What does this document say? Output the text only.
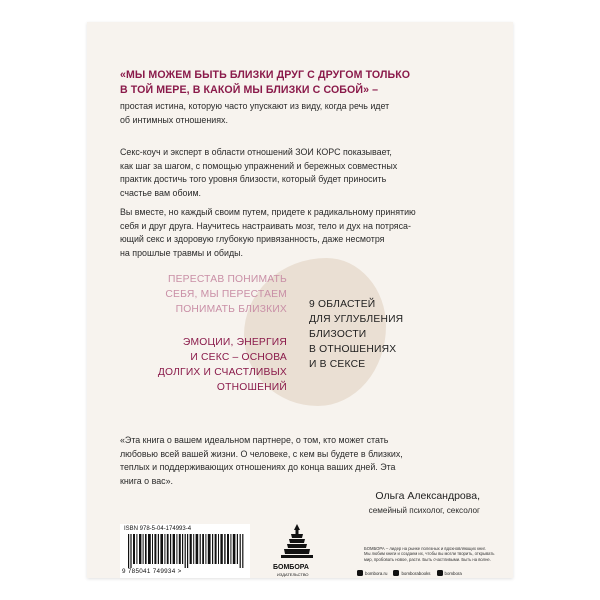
«МЫ МОЖЕМ БЫТЬ БЛИЗКИ ДРУГ С ДРУГОМ ТОЛЬКО
В ТОЙ МЕРЕ, В КАКОЙ МЫ БЛИЗКИ С СОБОЙ» –

простая истина, которую часто упускают из виду, когда речь идет
об интимных отношениях.

Секс-коуч и эксперт в области отношений ЗОИ КОРС показывает,
как шаг за шагом, с помощью упражнений и бережных совместных
практик достичь того уровня близости, который будет приносить
счастье вам обоим.

Вы вместе, но каждый своим путем, придете к радикальному принятию
себя и друг друга. Научитесь настраивать мозг, тело и дух на потряса-
ющий секс и здоровую глубокую привязанность, даже несмотря
на прошлые травмы и обиды.

ПЕРЕСТАВ ПОНИМАТЬ
СЕБЯ, МЫ ПЕРЕСТАЕМ
ПОНИМАТЬ БЛИЗКИХ

ЭМОЦИИ, ЭНЕРГИЯ
И СЕКС – ОСНОВА
ДОЛГИХ И СЧАСТЛИВЫХ
ОТНОШЕНИЙ

9 ОБЛАСТЕЙ
ДЛЯ УГЛУБЛЕНИЯ
БЛИЗОСТИ
В ОТНОШЕНИЯХ
И В СЕКСЕ

«Эта книга о вашем идеальном партнере, о том, кто может стать
любовью всей вашей жизни. О человеке, с кем вы будете в близких,
теплых и поддерживающих отношениях до конца ваших дней. Эта
книга о вас».

Ольга Александрова,

семейный психолог, сексолог

ISBN 978-5-04-174993-4

9 785041 749934 >

БОМБОРА

ИЗДАТЕЛЬСТВО

БОМБОРА – лидер на рынке полезных и вдохновляющих книг.
Мы любим книги и создаем их, чтобы вы могли творить, открывать
мир, пробовать новое, расти. Быть счастливыми. Быть на волне.

bombora.ru	bomborabooks	bombora
